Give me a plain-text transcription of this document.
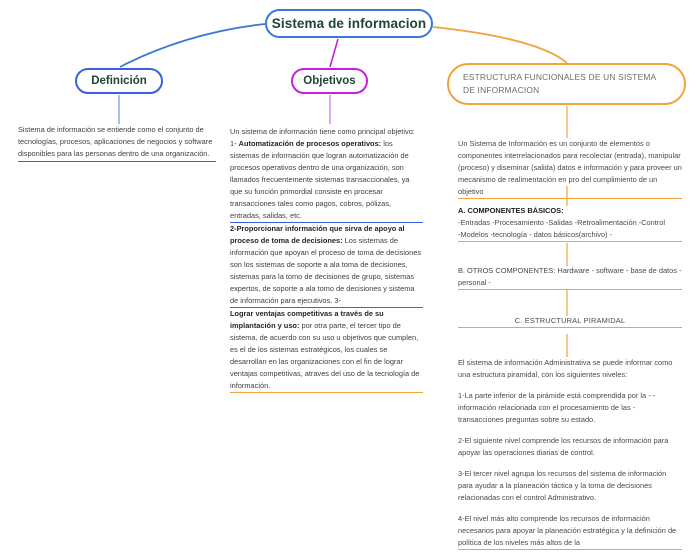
Sistema de informacion
Definición	Objetivos	ESTRUCTURA FUNCIONALES DE UN SISTEMA DE INFORMACION
Sistema de información se entiende como el conjunto de tecnologías, procesos, aplicaciones de negocios y software disponibles para las personas dentro de una organización.
Un sistema de información tiene como principal objetivo: 1- Automatización de procesos operativos: los sistemas de información que logran automatización de procesos operativos dentro de una organización, son llamados frecuentemente sistemas transaccionales, ya que su función primordial consiste en procesar transacciones tales como pagos, cobros, pólizas, entradas, salidas, etc.
2-Proporcionar información que sirva de apoyo al proceso de toma de decisiones: Los sistemas de información que apoyan el proceso de toma de decisiones son los sistemas de soporte a ala toma de decisiones, sistemas para la tomo de decisiones de grupo, sistemas expertos, de soporte a ala tomo de decisiones y sistema de información para ejecutivos. 3-
Lograr ventajas competitivas a través de su implantación y uso: por otra parte, el tercer tipo de sistema, de acuerdo con su uso u objetivos que cumplen, es el de los sistemas estratégicos, los cuales se desarrollan en las organizaciones con el fin de lograr ventajas competitivas, atraves del uso de la tecnología de información.
Un Sistema de Información es un conjunto de elementos o componentes interrelacionados para recolectar (entrada), manipular (proceso) y diseminar (salida) datos e información y para proveer un mecanismo de realimentación en pro del cumplimiento de un objetivo
A. COMPONENTES BÁSICOS:
-Entradas -Procesamiento -Salidas -Retroalimentación -Control
-Modelos -tecnología - datos básicos(archivo) -
B. OTROS COMPONENTES: Hardware - software - base de datos -personal -
C. ESTRUCTURAL PIRAMIDAL
El sistema de información Administrativa se puede informar como una estructura piramidal, con los siguientes niveles:
1-La parte inferior de la pirámide está comprendida por la - - información relacionada con el procesamiento de las - transacciones preguntas sobre su estado.
2-El siguiente nivel comprende los recursos de información para apoyar las operaciones diarias de control.
3-El tercer nivel agrupa los recursos del sistema de información para ayudar a la planeación táctica y la toma de decisiones relacionadas con el control Administrativo.
4-El nivel más alto comprende los recursos de información necesarios para apoyar la planeación estratégica y la definición de política de los niveles más altos de la
